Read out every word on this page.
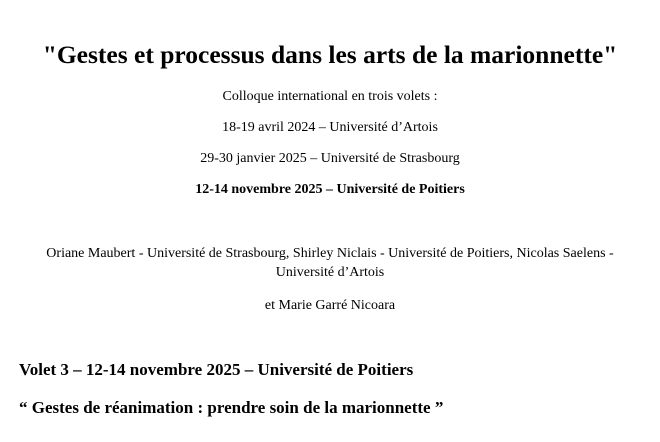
"Gestes et processus dans les arts de la marionnette"
Colloque international en trois volets :
18-19 avril 2024 – Université d’Artois
29-30 janvier 2025 – Université de Strasbourg
12-14 novembre 2025 – Université de Poitiers
Oriane Maubert - Université de Strasbourg, Shirley Niclais - Université de Poitiers, Nicolas Saelens - Université d’Artois
et Marie Garré Nicoara
Volet 3 – 12-14 novembre 2025 – Université de Poitiers
“ Gestes de réanimation : prendre soin de la marionnette ”
